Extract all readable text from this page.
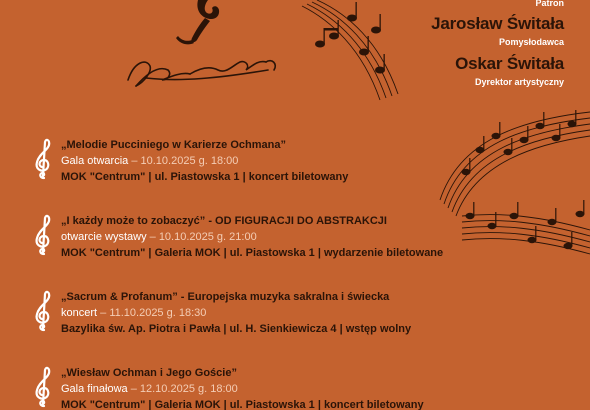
Patron
Jarosław Świtała
Pomysłodawca
Oskar Świtała
Dyrektor artystyczny
„Melodie Pucciniego w Karierze Ochmana”
Gala otwarcia – 10.10.2025 g. 18:00
MOK "Centrum" | ul. Piastowska 1 | koncert biletowany
„I każdy może to zobaczyć” - OD FIGURACJI DO ABSTRAKCJI
otwarcie wystawy – 10.10.2025 g. 21:00
MOK "Centrum" | Galeria MOK | ul. Piastowska 1 | wydarzenie biletowane
„Sacrum & Profanum” - Europejska muzyka sakralna i świecka
koncert – 11.10.2025 g. 18:30
Bazylika św. Ap. Piotra i Pawła | ul. H. Sienkiewicza 4 | wstęp wolny
„Wiesław Ochman i Jego Goście”
Gala finałowa – 12.10.2025 g. 18:00
MOK "Centrum" | Galeria MOK | ul. Piastowska 1 | koncert biletowany
